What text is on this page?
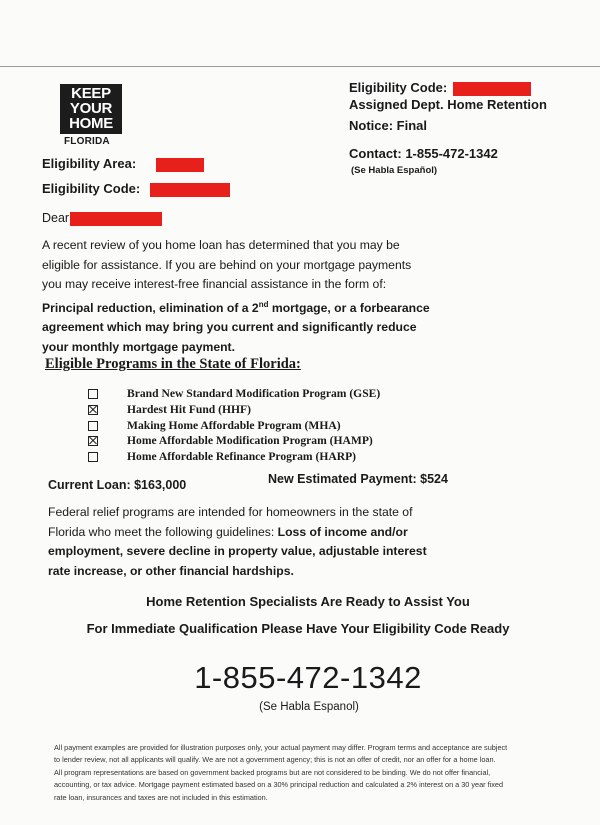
KEEP
YOUR
HOME
FLORIDA
Eligibility Code:
Assigned Dept. Home Retention
Notice: Final
Contact: 1-855-472-1342
(Se Habla Español)
Eligibility Area:
Eligibility Code:
Dear
A recent review of you home loan has determined that you may be
eligible for assistance. If you are behind on your mortgage payments
you may receive interest-free financial assistance in the form of:
Principal reduction, elimination of a 2nd mortgage, or a forbearance
agreement which may bring you current and significantly reduce
your monthly mortgage payment.
Eligible Programs in the State of Florida:
Brand New Standard Modification Program (GSE)
Hardest Hit Fund (HHF)
Making Home Affordable Program (MHA)
Home Affordable Modification Program (HAMP)
Home Affordable Refinance Program (HARP)
Current Loan: $163,000	New Estimated Payment: $524
Federal relief programs are intended for homeowners in the state of
Florida who meet the following guidelines: Loss of income and/or
employment, severe decline in property value, adjustable interest
rate increase, or other financial hardships.
Home Retention Specialists Are Ready to Assist You
For Immediate Qualification Please Have Your Eligibility Code Ready
1-855-472-1342
(Se Habla Espanol)
All payment examples are provided for illustration purposes only, your actual payment may differ. Program terms and acceptance are subject
to lender review, not all applicants will qualify. We are not a government agency; this is not an offer of credit, nor an offer for a home loan.
All program representations are based on government backed programs but are not considered to be binding. We do not offer financial,
accounting, or tax advice. Mortgage payment estimated based on a 30% principal reduction and calculated a 2% interest on a 30 year fixed
rate loan, insurances and taxes are not included in this estimation.
